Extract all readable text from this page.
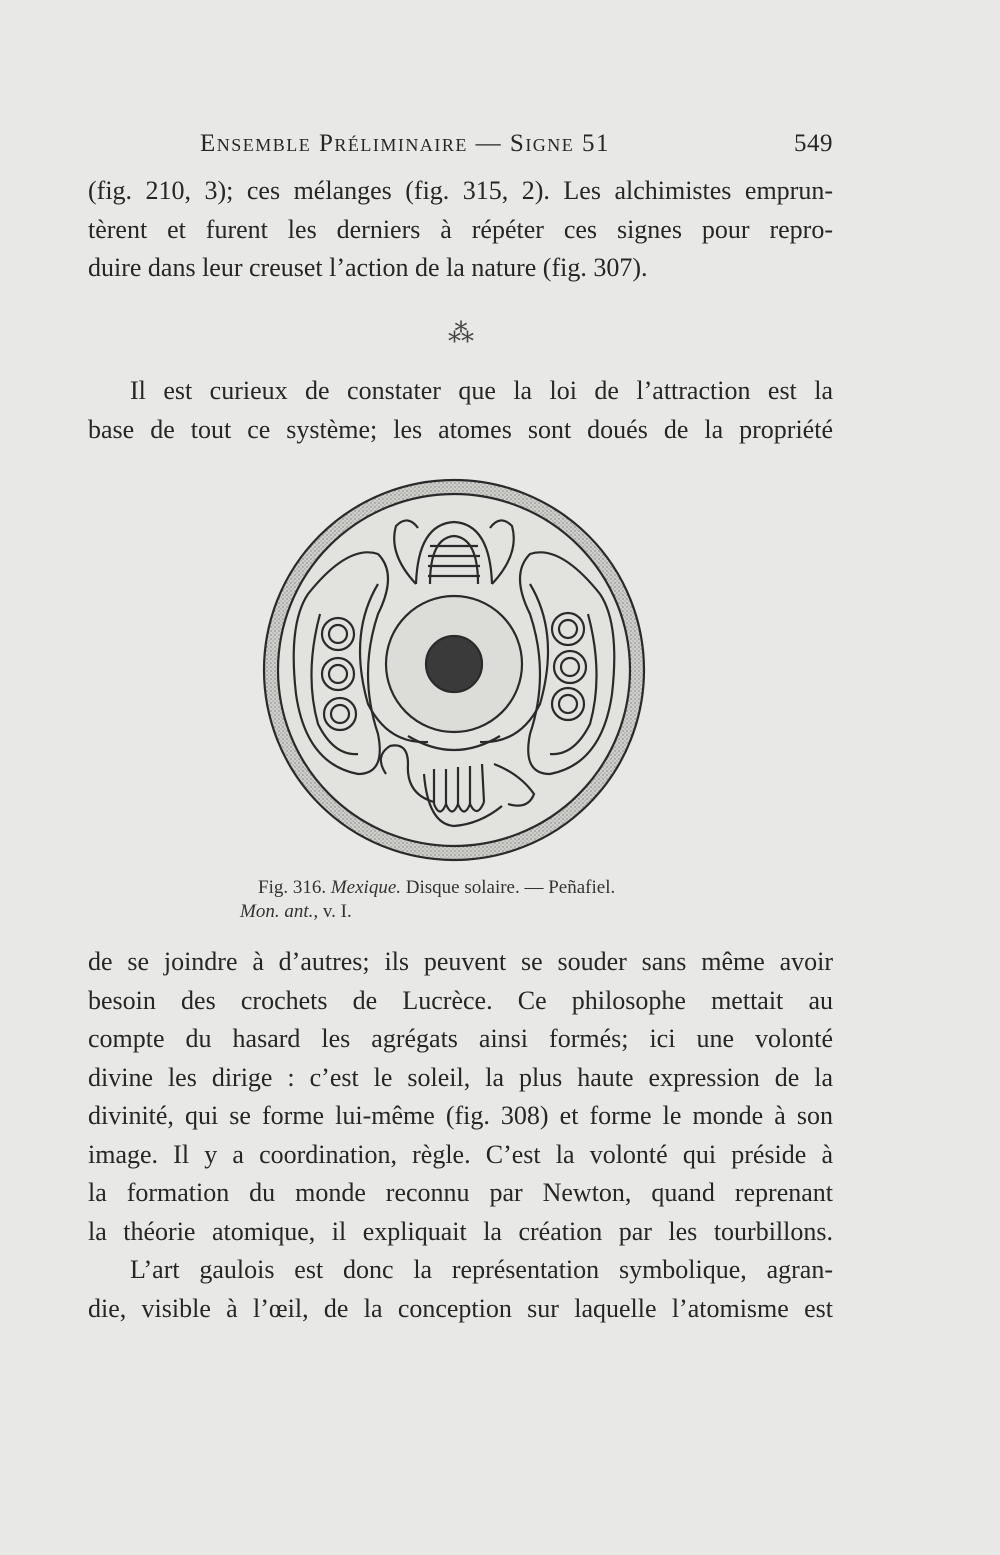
Ensemble Préliminaire — Signe 51	549

(fig. 210, 3); ces mélanges (fig. 315, 2). Les alchimistes emprun-

tèrent et furent les derniers à répéter ces signes pour repro-

duire dans leur creuset l’action de la nature (fig. 307).

⁂

Il est curieux de constater que la loi de l’attraction est la

base de tout ce système; les atomes sont doués de la propriété

Fig. 316. Mexique. Disque solaire. — Peñafiel.
Mon. ant., v. I.

de se joindre à d’autres; ils peuvent se souder sans même avoir

besoin des crochets de Lucrèce. Ce philosophe mettait au

compte du hasard les agrégats ainsi formés; ici une volonté

divine les dirige : c’est le soleil, la plus haute expression de la

divinité, qui se forme lui-même (fig. 308) et forme le monde à son

image. Il y a coordination, règle. C’est la volonté qui préside à

la formation du monde reconnu par Newton, quand reprenant

la théorie atomique, il expliquait la création par les tourbillons.

L’art gaulois est donc la représentation symbolique, agran-

die, visible à l’œil, de la conception sur laquelle l’atomisme est
